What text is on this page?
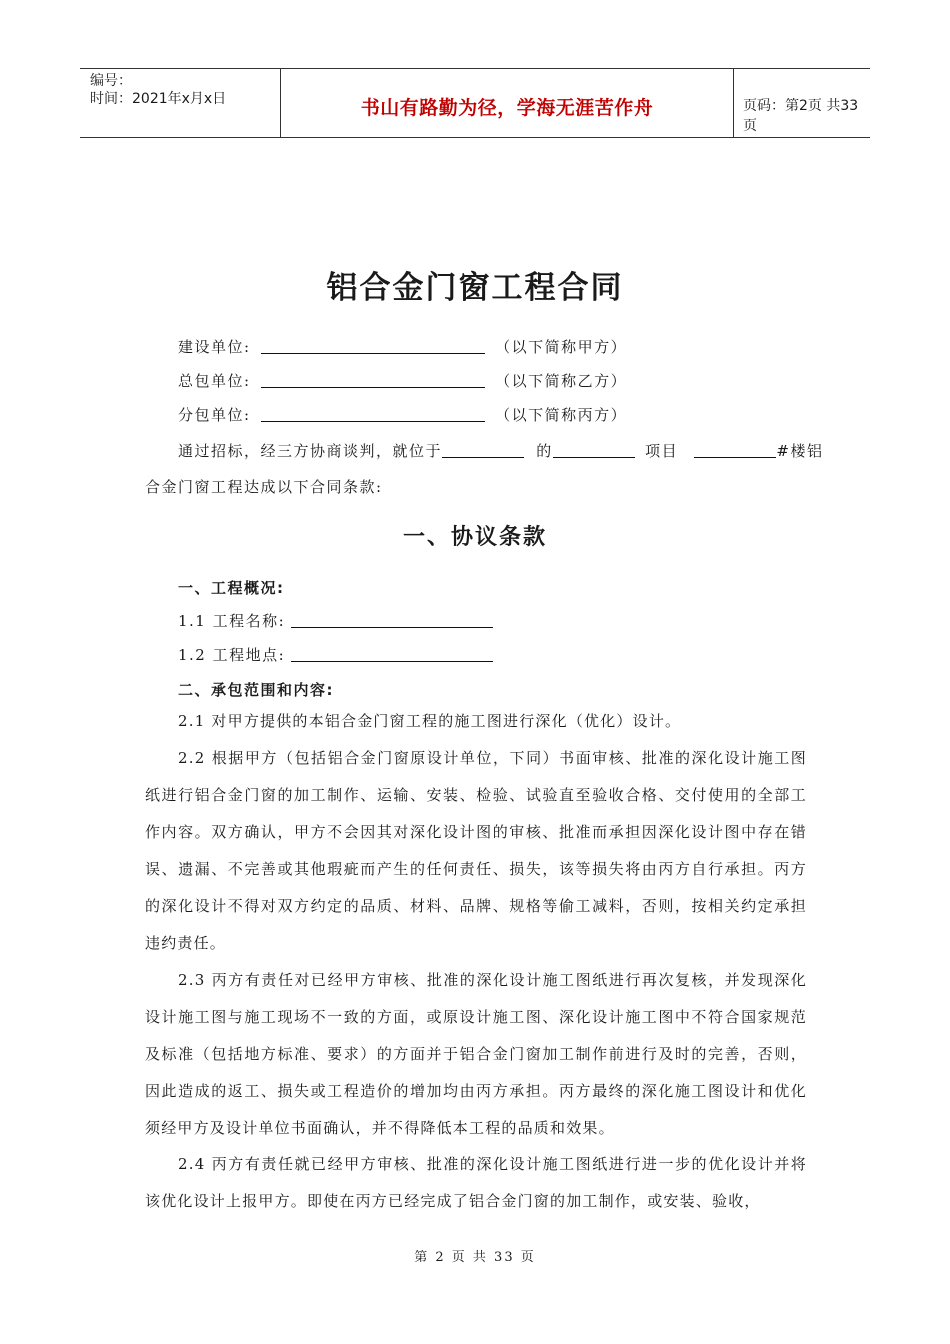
编号：
时间：2021年x月x日	书山有路勤为径，学海无涯苦作舟	页码：第2页 共33页
铝合金门窗工程合同
建设单位:	（以下简称甲方）
总包单位:	（以下简称乙方）
分包单位:	（以下简称丙方）
通过招标，经三方协商谈判，就位于	的	项目	#楼铝
合金门窗工程达成以下合同条款:
一、协议条款
一、工程概况:
1.1 工程名称:
1.2 工程地点:
二、承包范围和内容:
2.1 对甲方提供的本铝合金门窗工程的施工图进行深化（优化）设计。
2.2 根据甲方（包括铝合金门窗原设计单位，下同）书面审核、批准的深化设计施工图纸进行铝合金门窗的加工制作、运输、安装、检验、试验直至验收合格、交付使用的全部工作内容。双方确认，甲方不会因其对深化设计图的审核、批准而承担因深化设计图中存在错误、遗漏、不完善或其他瑕疵而产生的任何责任、损失，该等损失将由丙方自行承担。丙方的深化设计不得对双方约定的品质、材料、品牌、规格等偷工减料，否则，按相关约定承担违约责任。
2.3 丙方有责任对已经甲方审核、批准的深化设计施工图纸进行再次复核，并发现深化设计施工图与施工现场不一致的方面，或原设计施工图、深化设计施工图中不符合国家规范及标准（包括地方标准、要求）的方面并于铝合金门窗加工制作前进行及时的完善，否则，因此造成的返工、损失或工程造价的增加均由丙方承担。丙方最终的深化施工图设计和优化须经甲方及设计单位书面确认，并不得降低本工程的品质和效果。
2.4 丙方有责任就已经甲方审核、批准的深化设计施工图纸进行进一步的优化设计并将该优化设计上报甲方。即使在丙方已经完成了铝合金门窗的加工制作，或安装、验收，
第 2 页 共 33 页
